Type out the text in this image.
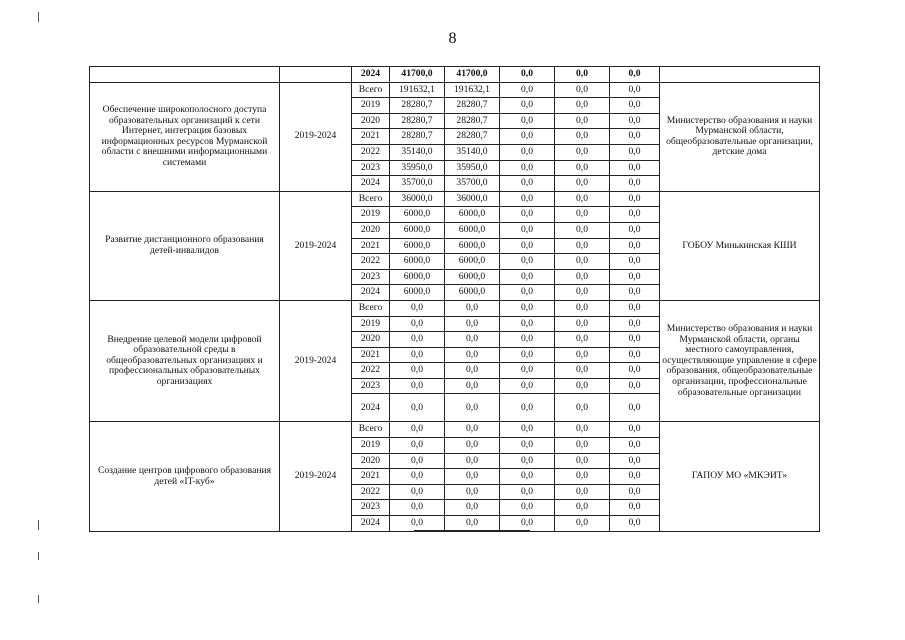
8
		2024	41700,0	41700,0	0,0	0,0	0,0	
Обеспечение широкополосного доступа образовательных организаций к сети Интернет, интеграция базовых информационных ресурсов Мурманской области с внешними информационными системами	2019-2024	Всего	191632,1	191632,1	0,0	0,0	0,0	Министерство образования и науки Мурманской области, общеобразовательные организации, детские дома
		2019	28280,7	28280,7	0,0	0,0	0,0	
		2020	28280,7	28280,7	0,0	0,0	0,0	
		2021	28280,7	28280,7	0,0	0,0	0,0	
		2022	35140,0	35140,0	0,0	0,0	0,0	
		2023	35950,0	35950,0	0,0	0,0	0,0	
		2024	35700,0	35700,0	0,0	0,0	0,0	
Развитие дистанционного образования детей-инвалидов	2019-2024	Всего	36000,0	36000,0	0,0	0,0	0,0	ГОБОУ Минькинская КШИ
		2019	6000,0	6000,0	0,0	0,0	0,0	
		2020	6000,0	6000,0	0,0	0,0	0,0	
		2021	6000,0	6000,0	0,0	0,0	0,0	
		2022	6000,0	6000,0	0,0	0,0	0,0	
		2023	6000,0	6000,0	0,0	0,0	0,0	
		2024	6000,0	6000,0	0,0	0,0	0,0	
Внедрение целевой модели цифровой образовательной среды в общеобразовательных организациях и профессиональных образовательных организациях	2019-2024	Всего	0,0	0,0	0,0	0,0	0,0	Министерство образования и науки Мурманской области, органы местного самоуправления, осуществляющие управление в сфере образования, общеобразовательные организации, профессиональные образовательные организации
		2019	0,0	0,0	0,0	0,0	0,0	
		2020	0,0	0,0	0,0	0,0	0,0	
		2021	0,0	0,0	0,0	0,0	0,0	
		2022	0,0	0,0	0,0	0,0	0,0	
		2023	0,0	0,0	0,0	0,0	0,0	
		2024	0,0	0,0	0,0	0,0	0,0	
Создание центров цифрового образования детей «IT-куб»	2019-2024	Всего	0,0	0,0	0,0	0,0	0,0	ГАПОУ МО «МКЭИТ»
		2019	0,0	0,0	0,0	0,0	0,0	
		2020	0,0	0,0	0,0	0,0	0,0	
		2021	0,0	0,0	0,0	0,0	0,0	
		2022	0,0	0,0	0,0	0,0	0,0	
		2023	0,0	0,0	0,0	0,0	0,0	
		2024	0,0	0,0	0,0	0,0	0,0	
